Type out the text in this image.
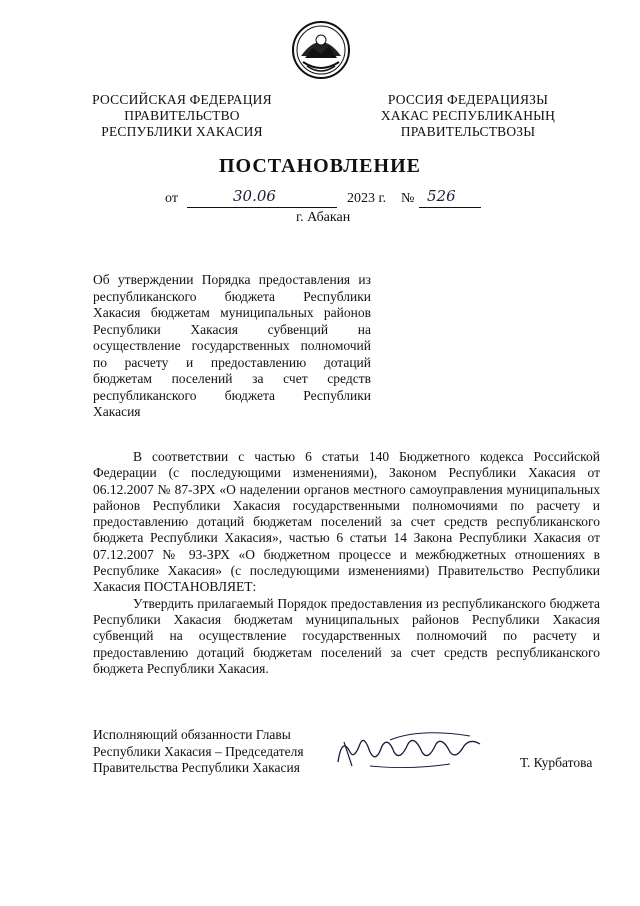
РОССИЙСКАЯ ФЕДЕРАЦИЯ
ПРАВИТЕЛЬСТВО
РЕСПУБЛИКИ ХАКАСИЯ
РОССИЯ ФЕДЕРАЦИЯЗЫ
ХАКАС РЕСПУБЛИКАНЫҢ
ПРАВИТЕЛЬСТВОЗЫ
ПОСТАНОВЛЕНИЕ
от	30.06	2023 г. № 526
г. Абакан
Об утверждении Порядка предоставления из республиканского бюджета Республики Хакасия бюджетам муниципальных районов Республики Хакасия субвенций на осуществление государственных полномочий по расчету и предоставлению дотаций бюджетам поселений за счет средств республиканского бюджета Республики Хакасия

В соответствии с частью 6 статьи 140 Бюджетного кодекса Российской Федерации (с последующими изменениями), Законом Республики Хакасия от 06.12.2007 № 87-ЗРХ «О наделении органов местного самоуправления муниципальных районов Республики Хакасия государственными полномочиями по расчету и предоставлению дотаций бюджетам поселений за счет средств республиканского бюджета Республики Хакасия», частью 6 статьи 14 Закона Республики Хакасия от 07.12.2007 № 93-ЗРХ «О бюджетном процессе и межбюджетных отношениях в Республике Хакасия» (с последующими изменениями) Правительство Республики Хакасия ПОСТАНОВЛЯЕТ:

Утвердить прилагаемый Порядок предоставления из республиканского бюджета Республики Хакасия бюджетам муниципальных районов Республики Хакасия субвенций на осуществление государственных полномочий по расчету и предоставлению дотаций бюджетам поселений за счет средств республиканского бюджета Республики Хакасия.

Исполняющий обязанности Главы
Республики Хакасия – Председателя
Правительства Республики Хакасия	Т. Курбатова
